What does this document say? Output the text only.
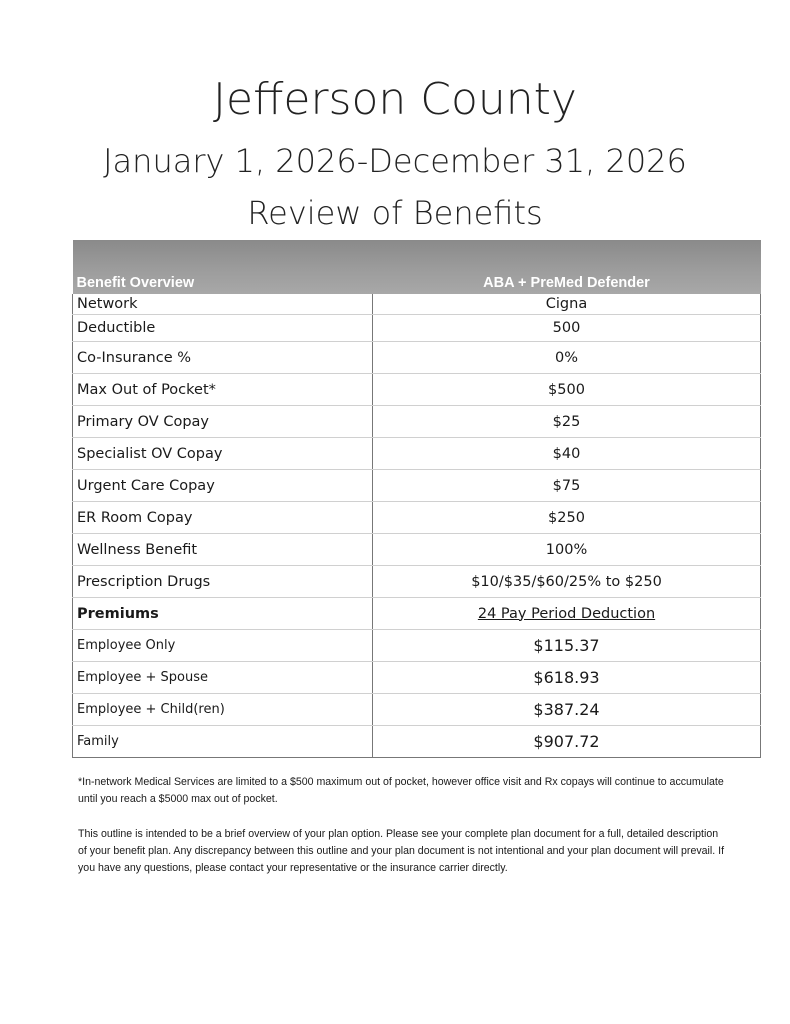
Jefferson County
January 1, 2026-December 31, 2026
Review of Benefits
Benefit Overview	ABA + PreMed Defender

Network	Cigna
Deductible	500
Co-Insurance %	0%
Max Out of Pocket*	$500
Primary OV Copay	$25
Specialist OV Copay	$40
Urgent Care Copay	$75
ER Room Copay	$250
Wellness Benefit	100%
Prescription Drugs	$10/$35/$60/25% to $250
Premiums	24 Pay Period Deduction
Employee Only	$115.37
Employee + Spouse	$618.93
Employee + Child(ren)	$387.24
Family	$907.72
*In-network Medical Services are limited to a $500 maximum out of pocket, however office visit and Rx copays will continue to accumulate until you reach a $5000 max out of pocket.
This outline is intended to be a brief overview of your plan option. Please see your complete plan document for a full, detailed description of your benefit plan. Any discrepancy between this outline and your plan document is not intentional and your plan document will prevail. If you have any questions, please contact your representative or the insurance carrier directly.
